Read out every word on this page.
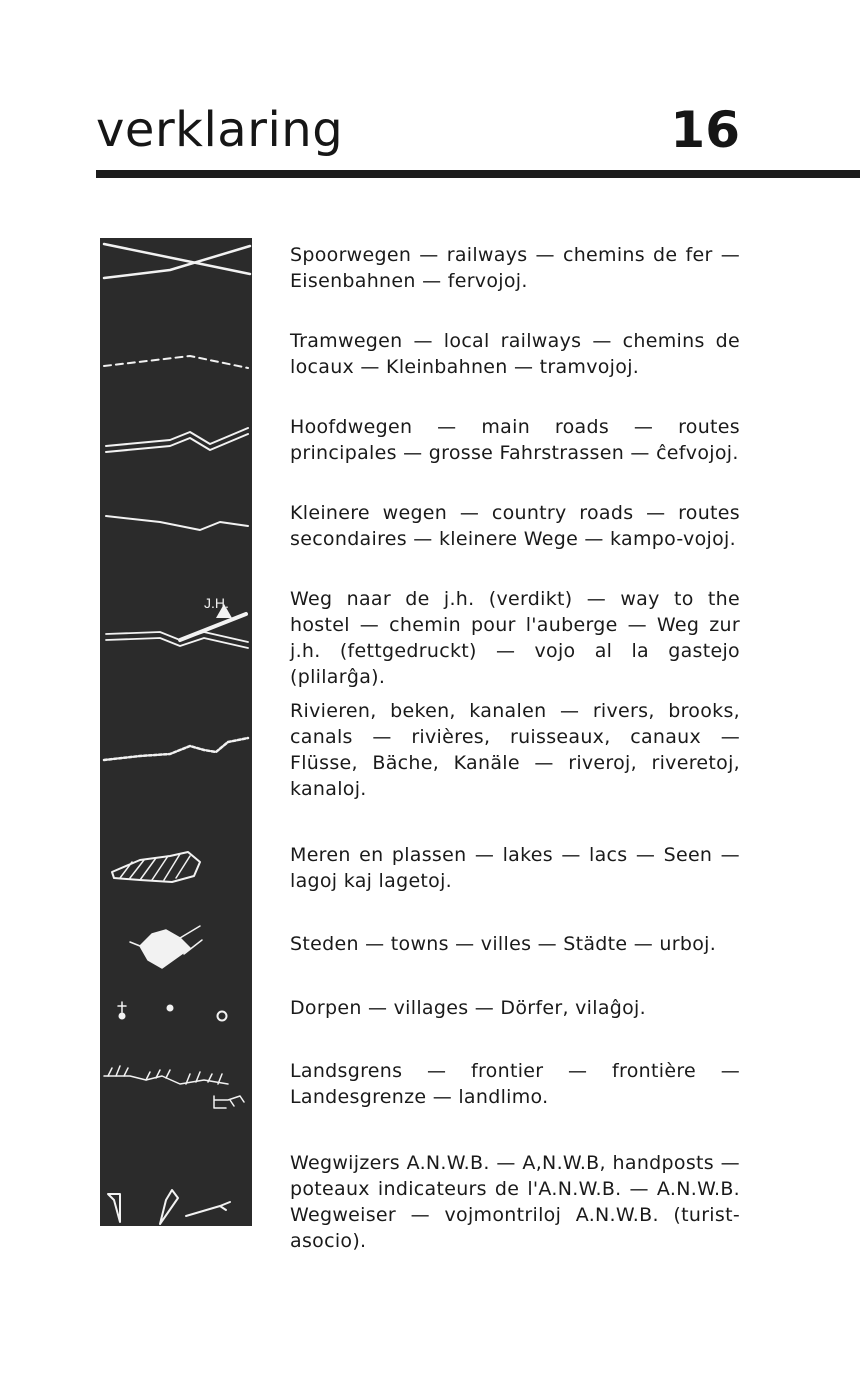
verklaring	16
J.H.
Spoorwegen — railways — chemins de fer — Eisenbahnen — fervojoj.
Tramwegen — local railways — chemins de locaux — Kleinbahnen — tramvojoj.
Hoofdwegen — main roads — routes principales — grosse Fahrstrassen — ĉefvojoj.
Kleinere wegen — country roads — routes secondaires — kleinere Wege — kampo-vojoj.
Weg naar de j.h. (verdikt) — way to the hostel — chemin pour l'auberge — Weg zur j.h. (fettgedruckt) — vojo al la gastejo (plilarĝa).
Rivieren, beken, kanalen — rivers, brooks, canals — rivières, ruisseaux, canaux — Flüsse, Bäche, Kanäle — riveroj, riveretoj, kanaloj.
Meren en plassen — lakes — lacs — Seen — lagoj kaj lagetoj.
Steden — towns — villes — Städte — urboj.
Dorpen — villages — Dörfer, vilaĝoj.
Landsgrens — frontier — frontière — Landesgrenze — landlimo.
Wegwijzers A.N.W.B. — A,N.W.B, handposts — poteaux indicateurs de l'A.N.W.B. — A.N.W.B. Wegweiser — vojmontriloj A.N.W.B. (turist-asocio).
